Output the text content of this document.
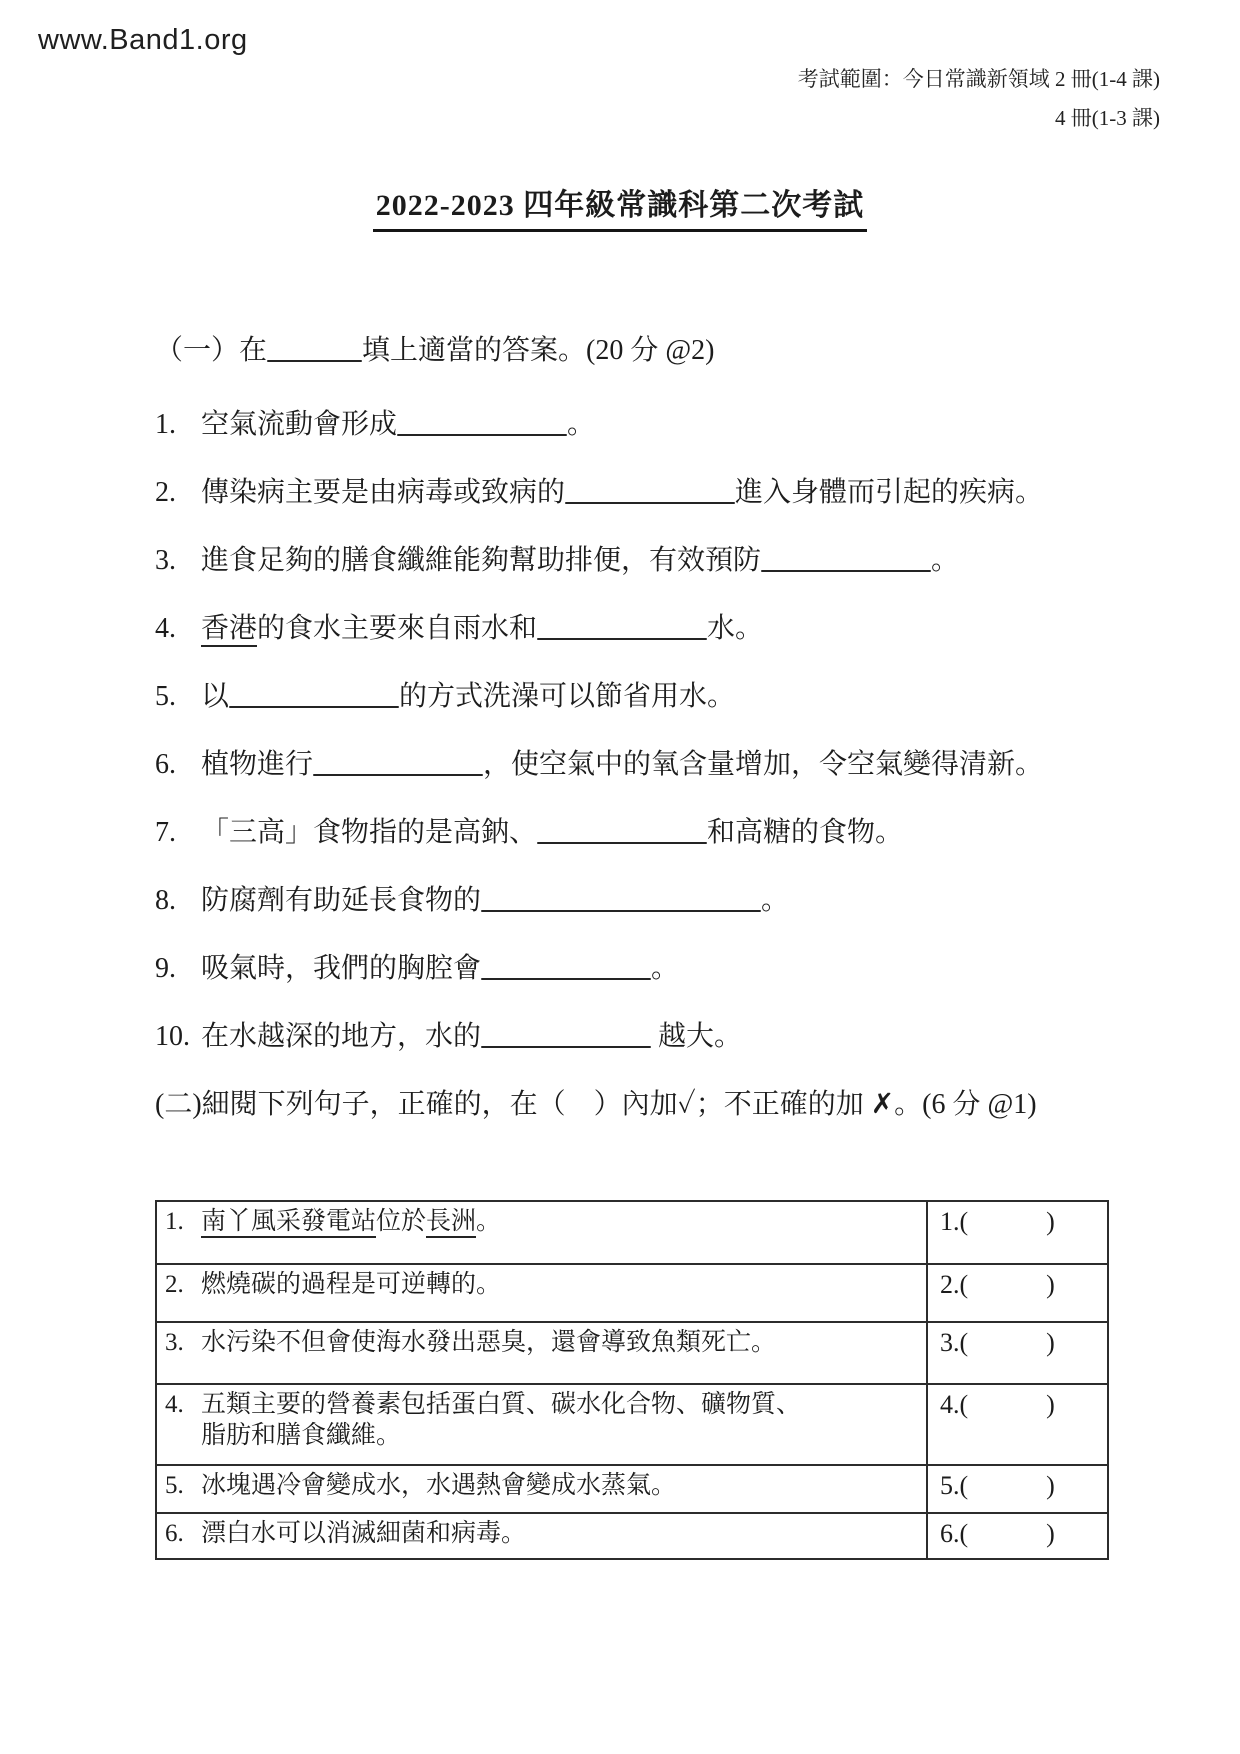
www.Band1.org
考試範圍：今日常識新領域 2 冊(1-4 課)
4 冊(1-3 課)
2022-2023 四年級常識科第二次考試
（一）在	填上適當的答案。(20 分 @2)
1. 空氣流動會形成	。
2. 傳染病主要是由病毒或致病的	進入身體而引起的疾病。
3. 進食足夠的膳食纖維能夠幫助排便，有效預防	。
4. 香港的食水主要來自雨水和	水。
5. 以	的方式洗澡可以節省用水。
6. 植物進行	，使空氣中的氧含量增加，令空氣變得清新。
7. 「三高」食物指的是高鈉、	和高糖的食物。
8. 防腐劑有助延長食物的	。
9. 吸氣時，我們的胸腔會	。
10. 在水越深的地方，水的	越大。
(二)細閱下列句子，正確的，在（　）內加✓；不正確的加 ✗。(6 分 @1)
1. 南丫風采發電站位於長洲。	1.( )

2. 燃燒碳的過程是可逆轉的。	2.( )

3. 水污染不但會使海水發出惡臭，還會導致魚類死亡。	3.( )

4. 五類主要的營養素包括蛋白質、碳水化合物、礦物質、
脂肪和膳食纖維。	4.( )

5. 冰塊遇冷會變成水，水遇熱會變成水蒸氣。	5.( )

6. 漂白水可以消滅細菌和病毒。	6.( )
